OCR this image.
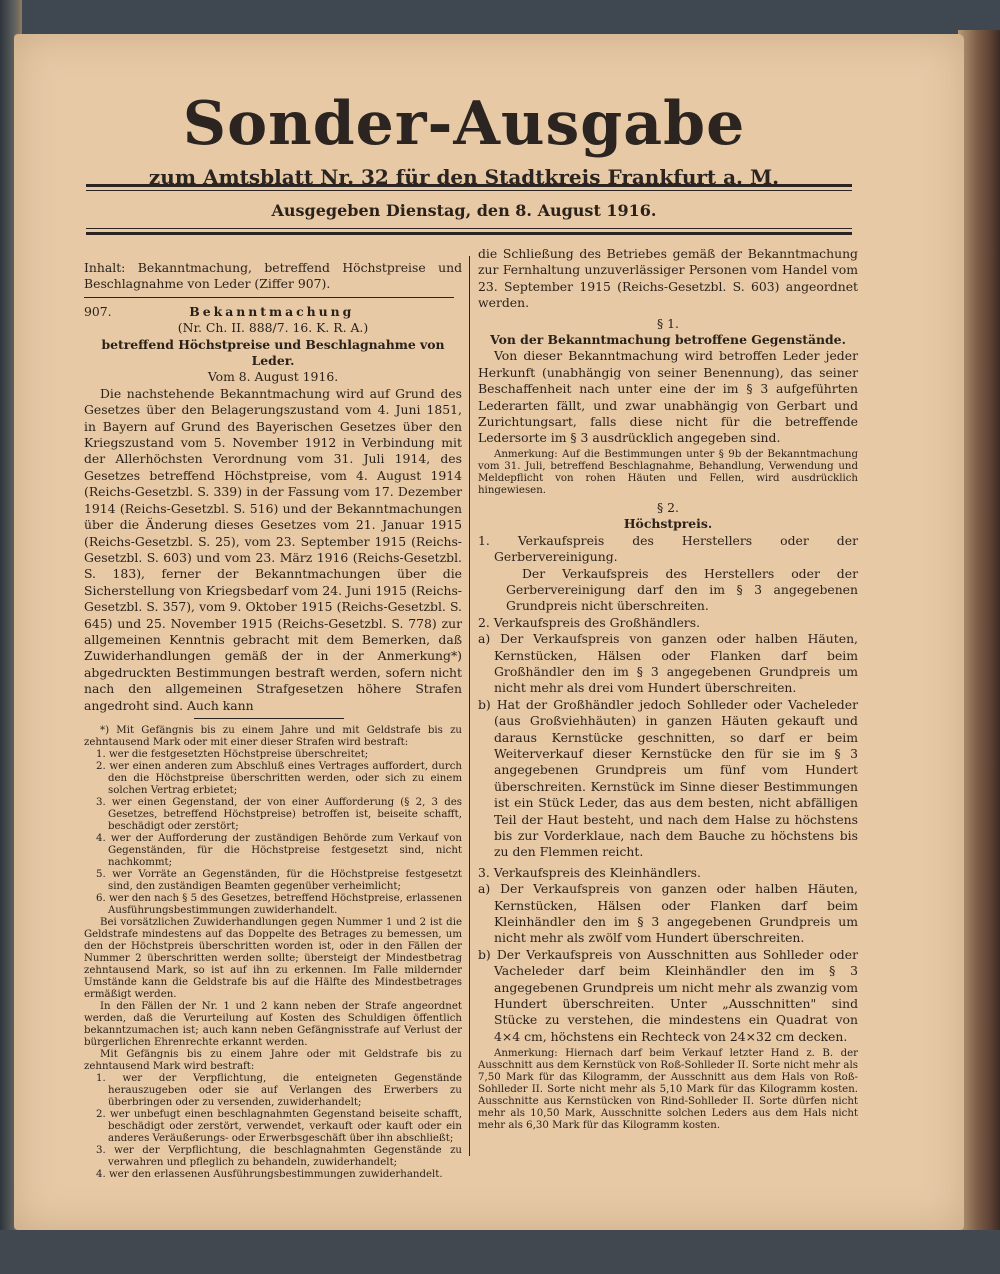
Sonder-Ausgabe
zum Amtsblatt Nr. 32 für den Stadtkreis Frankfurt a. M.
Ausgegeben Dienstag, den 8. August 1916.

Inhalt: Bekanntmachung, betreffend Höchstpreise und Beschlagnahme von Leder (Ziffer 907).

907.	Bekanntmachung

(Nr. Ch. II. 888/7. 16. K. R. A.)

betreffend Höchstpreise und Beschlagnahme von Leder.

Vom 8. August 1916.

Die nachstehende Bekanntmachung wird auf Grund des Gesetzes über den Belagerungszustand vom 4. Juni 1851, in Bayern auf Grund des Bayerischen Gesetzes über den Kriegszustand vom 5. November 1912 in Verbindung mit der Allerhöchsten Verordnung vom 31. Juli 1914, des Gesetzes betreffend Höchstpreise, vom 4. August 1914 (Reichs-Gesetzbl. S. 339) in der Fassung vom 17. Dezember 1914 (Reichs-Gesetzbl. S. 516) und der Bekanntmachungen über die Änderung dieses Gesetzes vom 21. Januar 1915 (Reichs-Gesetzbl. S. 25), vom 23. September 1915 (Reichs-Gesetzbl. S. 603) und vom 23. März 1916 (Reichs-Gesetzbl. S. 183), ferner der Bekanntmachungen über die Sicherstellung von Kriegsbedarf vom 24. Juni 1915 (Reichs-Gesetzbl. S. 357), vom 9. Oktober 1915 (Reichs-Gesetzbl. S. 645) und 25. November 1915 (Reichs-Gesetzbl. S. 778) zur allgemeinen Kenntnis gebracht mit dem Bemerken, daß Zuwiderhandlungen gemäß der in der Anmerkung*) abgedruckten Bestimmungen bestraft werden, sofern nicht nach den allgemeinen Strafgesetzen höhere Strafen angedroht sind. Auch kann

*) Mit Gefängnis bis zu einem Jahre und mit Geldstrafe bis zu zehntausend Mark oder mit einer dieser Strafen wird bestraft:

1. wer die festgesetzten Höchstpreise überschreitet;
2. wer einen anderen zum Abschluß eines Vertrages auffordert, durch den die Höchstpreise überschritten werden, oder sich zu einem solchen Vertrag erbietet;
3. wer einen Gegenstand, der von einer Aufforderung (§ 2, 3 des Gesetzes, betreffend Höchstpreise) betroffen ist, beiseite schafft, beschädigt oder zerstört;
4. wer der Aufforderung der zuständigen Behörde zum Verkauf von Gegenständen, für die Höchstpreise festgesetzt sind, nicht nachkommt;
5. wer Vorräte an Gegenständen, für die Höchstpreise festgesetzt sind, den zuständigen Beamten gegenüber verheimlicht;
6. wer den nach § 5 des Gesetzes, betreffend Höchstpreise, erlassenen Ausführungsbestimmungen zuwiderhandelt.

Bei vorsätzlichen Zuwiderhandlungen gegen Nummer 1 und 2 ist die Geldstrafe mindestens auf das Doppelte des Betrages zu bemessen, um den der Höchstpreis überschritten worden ist, oder in den Fällen der Nummer 2 überschritten werden sollte; übersteigt der Mindestbetrag zehntausend Mark, so ist auf ihn zu erkennen. Im Falle mildernder Umstände kann die Geldstrafe bis auf die Hälfte des Mindestbetrages ermäßigt werden.

In den Fällen der Nr. 1 und 2 kann neben der Strafe angeordnet werden, daß die Verurteilung auf Kosten des Schuldigen öffentlich bekanntzumachen ist; auch kann neben Gefängnisstrafe auf Verlust der bürgerlichen Ehrenrechte erkannt werden.

Mit Gefängnis bis zu einem Jahre oder mit Geldstrafe bis zu zehntausend Mark wird bestraft:

1. wer der Verpflichtung, die enteigneten Gegenstände herauszugeben oder sie auf Verlangen des Erwerbers zu überbringen oder zu versenden, zuwiderhandelt;
2. wer unbefugt einen beschlagnahmten Gegenstand beiseite schafft, beschädigt oder zerstört, verwendet, verkauft oder kauft oder ein anderes Veräußerungs- oder Erwerbsgeschäft über ihn abschließt;
3. wer der Verpflichtung, die beschlagnahmten Gegenstände zu verwahren und pfleglich zu behandeln, zuwiderhandelt;
4. wer den erlassenen Ausführungsbestimmungen zuwiderhandelt.

die Schließung des Betriebes gemäß der Bekanntmachung zur Fernhaltung unzuverlässiger Personen vom Handel vom 23. September 1915 (Reichs-Gesetzbl. S. 603) angeordnet werden.

§ 1.

Von der Bekanntmachung betroffene Gegenstände.

Von dieser Bekanntmachung wird betroffen Leder jeder Herkunft (unabhängig von seiner Benennung), das seiner Beschaffenheit nach unter eine der im § 3 aufgeführten Lederarten fällt, und zwar unabhängig von Gerbart und Zurichtungsart, falls diese nicht für die betreffende Ledersorte im § 3 ausdrücklich angegeben sind.

Anmerkung: Auf die Bestimmungen unter § 9b der Bekanntmachung vom 31. Juli, betreffend Beschlagnahme, Behandlung, Verwendung und Meldepflicht von rohen Häuten und Fellen, wird ausdrücklich hingewiesen.

§ 2.

Höchstpreis.

1. Verkaufspreis des Herstellers oder der Gerbervereinigung.

Der Verkaufspreis des Herstellers oder der Gerbervereinigung darf den im § 3 angegebenen Grundpreis nicht überschreiten.

2. Verkaufspreis des Großhändlers.

a) Der Verkaufspreis von ganzen oder halben Häuten, Kernstücken, Hälsen oder Flanken darf beim Großhändler den im § 3 angegebenen Grundpreis um nicht mehr als drei vom Hundert überschreiten.

b) Hat der Großhändler jedoch Sohlleder oder Vacheleder (aus Großviehhäuten) in ganzen Häuten gekauft und daraus Kernstücke geschnitten, so darf er beim Weiterverkauf dieser Kernstücke den für sie im § 3 angegebenen Grundpreis um fünf vom Hundert überschreiten. Kernstück im Sinne dieser Bestimmungen ist ein Stück Leder, das aus dem besten, nicht abfälligen Teil der Haut besteht, und nach dem Halse zu höchstens bis zur Vorderklaue, nach dem Bauche zu höchstens bis zu den Flemmen reicht.

3. Verkaufspreis des Kleinhändlers.

a) Der Verkaufspreis von ganzen oder halben Häuten, Kernstücken, Hälsen oder Flanken darf beim Kleinhändler den im § 3 angegebenen Grundpreis um nicht mehr als zwölf vom Hundert überschreiten.

b) Der Verkaufspreis von Ausschnitten aus Sohlleder oder Vacheleder darf beim Kleinhändler den im § 3 angegebenen Grundpreis um nicht mehr als zwanzig vom Hundert überschreiten. Unter „Ausschnitten" sind Stücke zu verstehen, die mindestens ein Quadrat von 4×4 cm, höchstens ein Rechteck von 24×32 cm decken.

Anmerkung: Hiernach darf beim Verkauf letzter Hand z. B. der Ausschnitt aus dem Kernstück von Roß-Sohlleder II. Sorte nicht mehr als 7,50 Mark für das Kilogramm, der Ausschnitt aus dem Hals von Roß-Sohlleder II. Sorte nicht mehr als 5,10 Mark für das Kilogramm kosten. Ausschnitte aus Kernstücken von Rind-Sohlleder II. Sorte dürfen nicht mehr als 10,50 Mark, Ausschnitte solchen Leders aus dem Hals nicht mehr als 6,30 Mark für das Kilogramm kosten.
